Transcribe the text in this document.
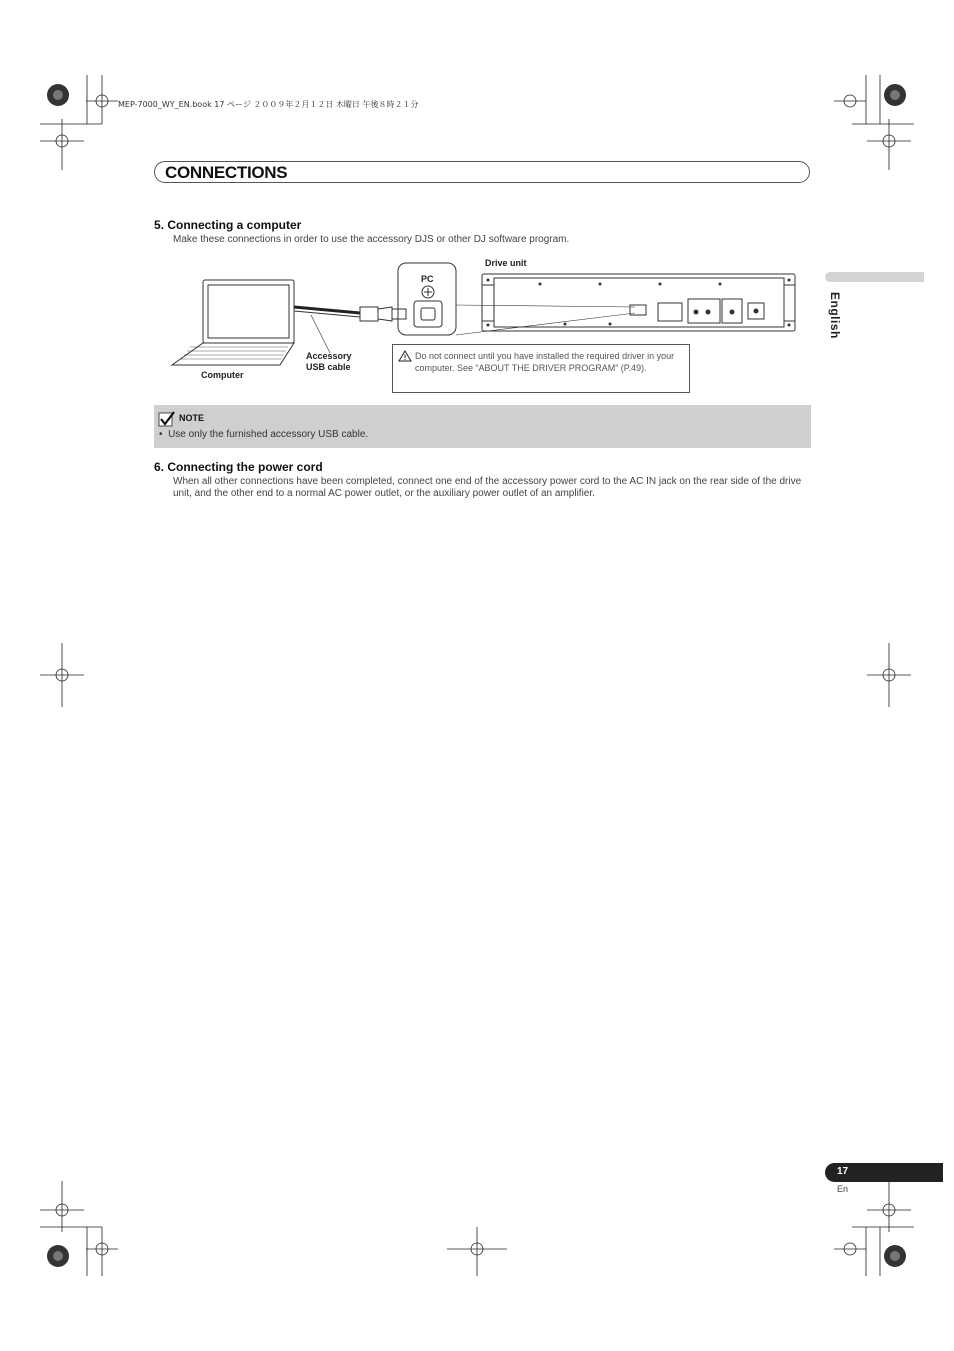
MEP-7000_WY_EN.book 17 ページ ２００９年２月１２日 木曜日 午後８時２１分
CONNECTIONS
English
5. Connecting a computer
Make these connections in order to use the accessory DJS or other DJ software program.
Drive unit
PC
Computer
Accessory
USB cable
Do not connect until you have installed the required driver in your computer. See “ABOUT THE DRIVER PROGRAM” (P.49).
NOTE
•  Use only the furnished accessory USB cable.
6. Connecting the power cord
When all other connections have been completed, connect one end of the accessory power cord to the AC IN jack on the rear side of the drive unit, and the other end to a normal AC power outlet, or the auxiliary power outlet of an amplifier.
17
En
